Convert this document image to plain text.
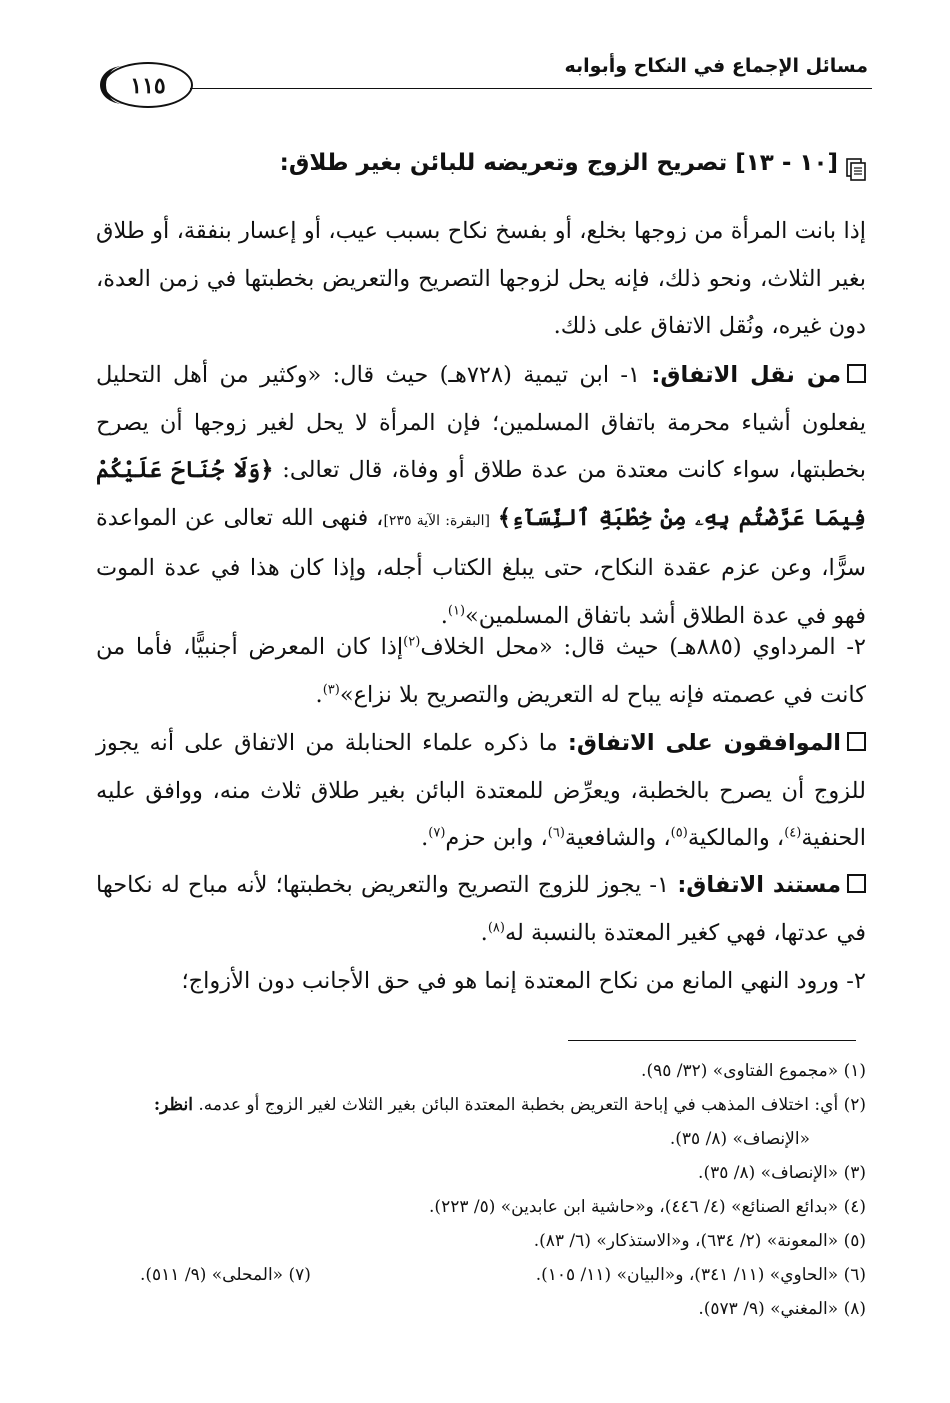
مسائل الإجماع في النكاح وأبوابه
١١٥
[١٠ - ١٣] تصريح الزوج وتعريضه للبائن بغير طلاق:
إذا بانت المرأة من زوجها بخلع، أو بفسخ نكاح بسبب عيب، أو إعسار بنفقة، أو طلاق بغير الثلاث، ونحو ذلك، فإنه يحل لزوجها التصريح والتعريض بخطبتها في زمن العدة، دون غيره، ونُقل الاتفاق على ذلك.
من نقل الاتفاق: ١- ابن تيمية (٧٢٨هـ) حيث قال: «وكثير من أهل التحليل يفعلون أشياء محرمة باتفاق المسلمين؛ فإن المرأة لا يحل لغير زوجها أن يصرح بخطبتها، سواء كانت معتدة من عدة طلاق أو وفاة، قال تعالى: ﴿وَلَا جُنَاحَ عَلَيْكُمْ فِيمَا عَرَّضْتُم بِهِۦ مِنْ خِطْبَةِ ٱلنِّسَآءِ﴾ [البقرة: الآية ٢٣٥]، فنهى الله تعالى عن المواعدة سرًّا، وعن عزم عقدة النكاح، حتى يبلغ الكتاب أجله، وإذا كان هذا في عدة الموت فهو في عدة الطلاق أشد باتفاق المسلمين»$^{(١)}$.
٢- المرداوي (٨٨٥هـ) حيث قال: «محل الخلاف$^{(٢)}$إذا كان المعرض أجنبيًّا، فأما من كانت في عصمته فإنه يباح له التعريض والتصريح بلا نزاع»$^{(٣)}$.
الموافقون على الاتفاق: ما ذكره علماء الحنابلة من الاتفاق على أنه يجوز للزوج أن يصرح بالخطبة، ويعرِّض للمعتدة البائن بغير طلاق ثلاث منه، ووافق عليه الحنفية$^{(٤)}$، والمالكية$^{(٥)}$، والشافعية$^{(٦)}$، وابن حزم$^{(٧)}$.
مستند الاتفاق: ١- يجوز للزوج التصريح والتعريض بخطبتها؛ لأنه مباح له نكاحها في عدتها، فهي كغير المعتدة بالنسبة له$^{(٨)}$.
٢- ورود النهي المانع من نكاح المعتدة إنما هو في حق الأجانب دون الأزواج؛
(١) «مجموع الفتاوى» (٣٢/ ٩٥).
(٢) أي: اختلاف المذهب في إباحة التعريض بخطبة المعتدة البائن بغير الثلاث لغير الزوج أو عدمه. انظر:
«الإنصاف» (٨/ ٣٥).
(٣) «الإنصاف» (٨/ ٣٥).
(٤) «بدائع الصنائع» (٤/ ٤٤٦)، و«حاشية ابن عابدين» (٥/ ٢٢٣).
(٥) «المعونة» (٢/ ٦٣٤)، و«الاستذكار» (٦/ ٨٣).
(٦) «الحاوي» (١١/ ٣٤١)، و«البيان» (١١/ ١٠٥).
(٧) «المحلى» (٩/ ٥١١).
(٨) «المغني» (٩/ ٥٧٣).
